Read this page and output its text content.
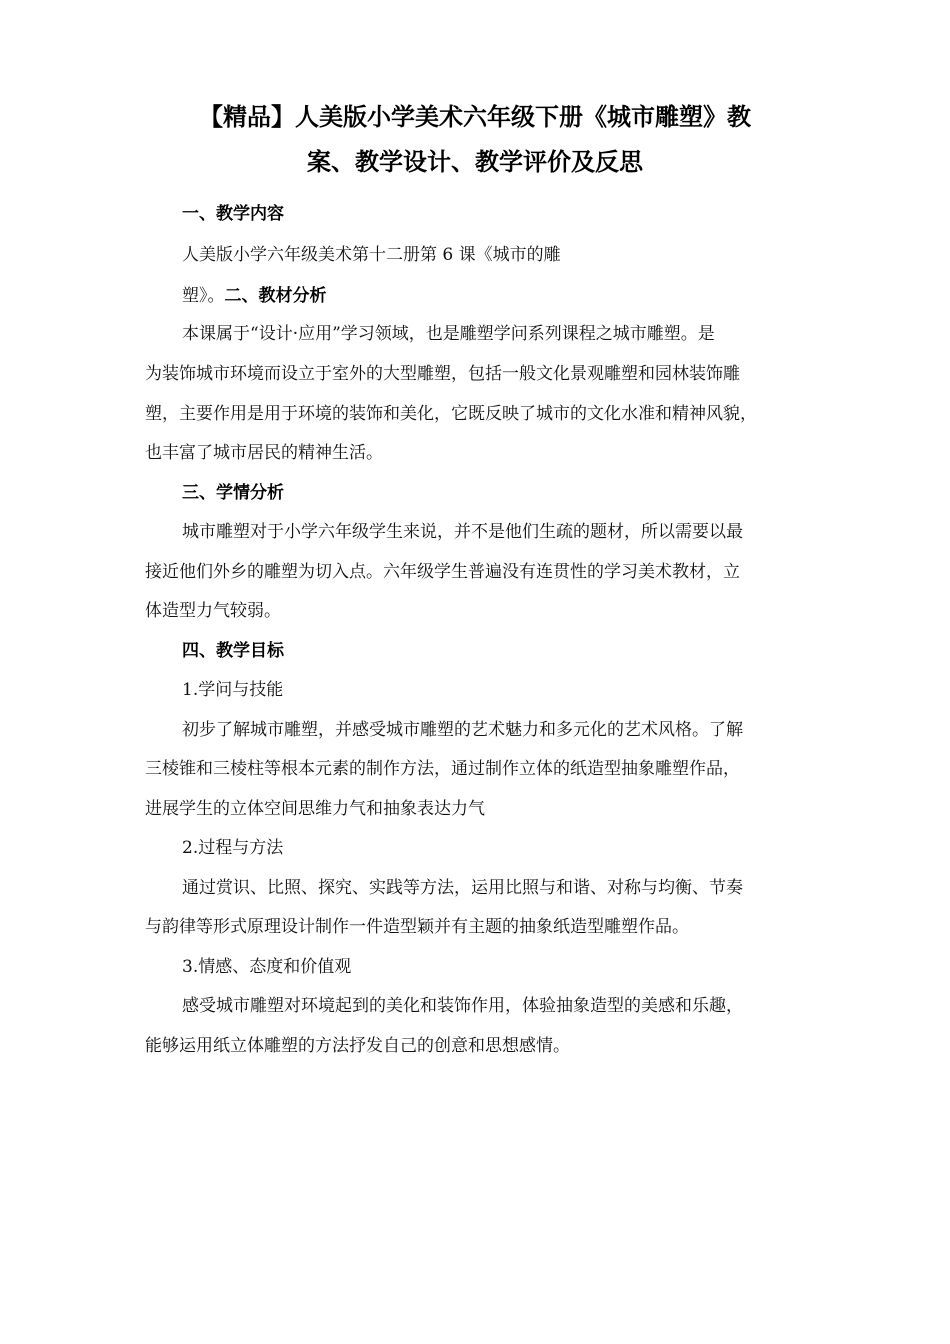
【精品】人美版小学美术六年级下册《城市雕塑》教
案、教学设计、教学评价及反思
一、教学内容
人美版小学六年级美术第十二册第 6 课《城市的雕
塑》。二、教材分析
本课属于“设计·应用”学习领域，也是雕塑学问系列课程之城市雕塑。是
为装饰城市环境而设立于室外的大型雕塑，包括一般文化景观雕塑和园林装饰雕
塑，主要作用是用于环境的装饰和美化，它既反映了城市的文化水准和精神风貌，
也丰富了城市居民的精神生活。
三、学情分析
城市雕塑对于小学六年级学生来说，并不是他们生疏的题材，所以需要以最
接近他们外乡的雕塑为切入点。六年级学生普遍没有连贯性的学习美术教材，立
体造型力气较弱。
四、教学目标
1.学问与技能
初步了解城市雕塑，并感受城市雕塑的艺术魅力和多元化的艺术风格。了解
三棱锥和三棱柱等根本元素的制作方法，通过制作立体的纸造型抽象雕塑作品，
进展学生的立体空间思维力气和抽象表达力气
2.过程与方法
通过赏识、比照、探究、实践等方法，运用比照与和谐、对称与均衡、节奏
与韵律等形式原理设计制作一件造型颖并有主题的抽象纸造型雕塑作品。
3.情感、态度和价值观
感受城市雕塑对环境起到的美化和装饰作用，体验抽象造型的美感和乐趣，
能够运用纸立体雕塑的方法抒发自己的创意和思想感情。
